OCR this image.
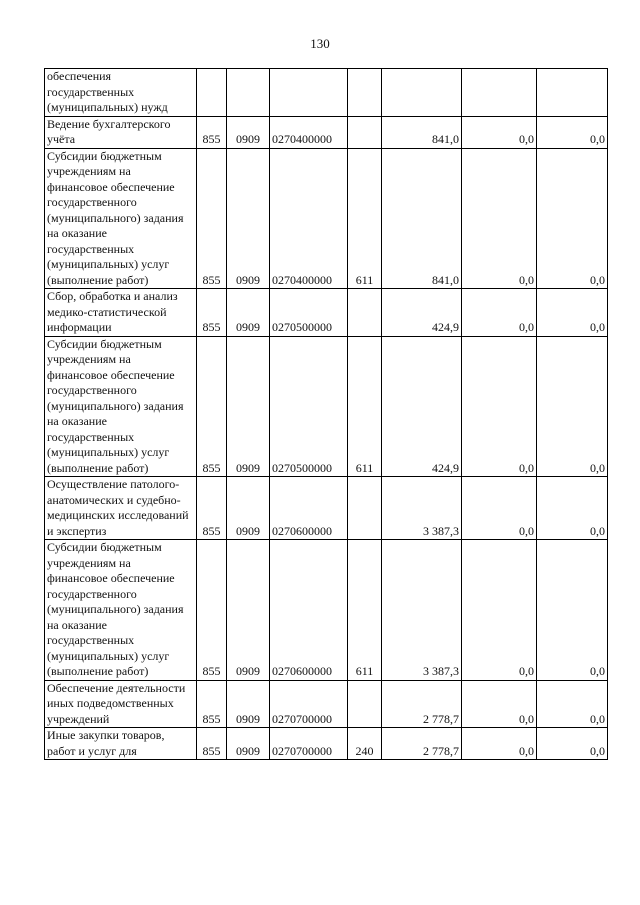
130
обеспечения государственных (муниципальных) нужд							
Ведение бухгалтерского учёта	855	0909	0270400000		841,0	0,0	0,0
Субсидии бюджетным учреждениям на финансовое обеспечение государственного (муниципального) задания на оказание государственных (муниципальных) услуг (выполнение работ)	855	0909	0270400000	611	841,0	0,0	0,0
Сбор, обработка и анализ медико-статистической информации	855	0909	0270500000		424,9	0,0	0,0
Субсидии бюджетным учреждениям на финансовое обеспечение государственного (муниципального) задания на оказание государственных (муниципальных) услуг (выполнение работ)	855	0909	0270500000	611	424,9	0,0	0,0
Осуществление патолого-анатомических и судебно-медицинских исследований и экспертиз	855	0909	0270600000		3 387,3	0,0	0,0
Субсидии бюджетным учреждениям на финансовое обеспечение государственного (муниципального) задания на оказание государственных (муниципальных) услуг (выполнение работ)	855	0909	0270600000	611	3 387,3	0,0	0,0
Обеспечение деятельности иных подведомственных учреждений	855	0909	0270700000		2 778,7	0,0	0,0
Иные закупки товаров, работ и услуг для	855	0909	0270700000	240	2 778,7	0,0	0,0
